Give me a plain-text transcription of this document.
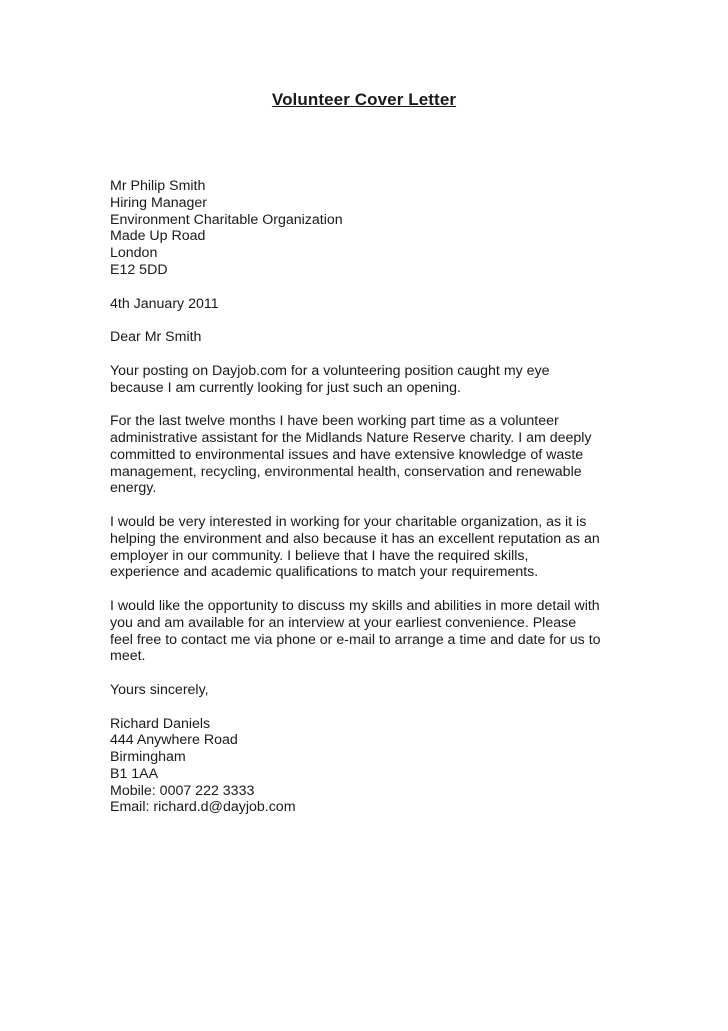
Volunteer Cover Letter
Mr Philip Smith
Hiring Manager
Environment Charitable Organization
Made Up Road
London
E12 5DD
4th January 2011
Dear Mr Smith
Your posting on Dayjob.com for a volunteering position caught my eye
because I am currently looking for just such an opening.
For the last twelve months I have been working part time as a volunteer
administrative assistant for the Midlands Nature Reserve charity. I am deeply
committed to environmental issues and have extensive knowledge of waste
management, recycling, environmental health, conservation and renewable
energy.
I would be very interested in working for your charitable organization, as it is
helping the environment and also because it has an excellent reputation as an
employer in our community. I believe that I have the required skills,
experience and academic qualifications to match your requirements.
I would like the opportunity to discuss my skills and abilities in more detail with
you and am available for an interview at your earliest convenience. Please
feel free to contact me via phone or e-mail to arrange a time and date for us to
meet.
Yours sincerely,
Richard Daniels
444 Anywhere Road
Birmingham
B1 1AA
Mobile: 0007 222 3333
Email: richard.d@dayjob.com
